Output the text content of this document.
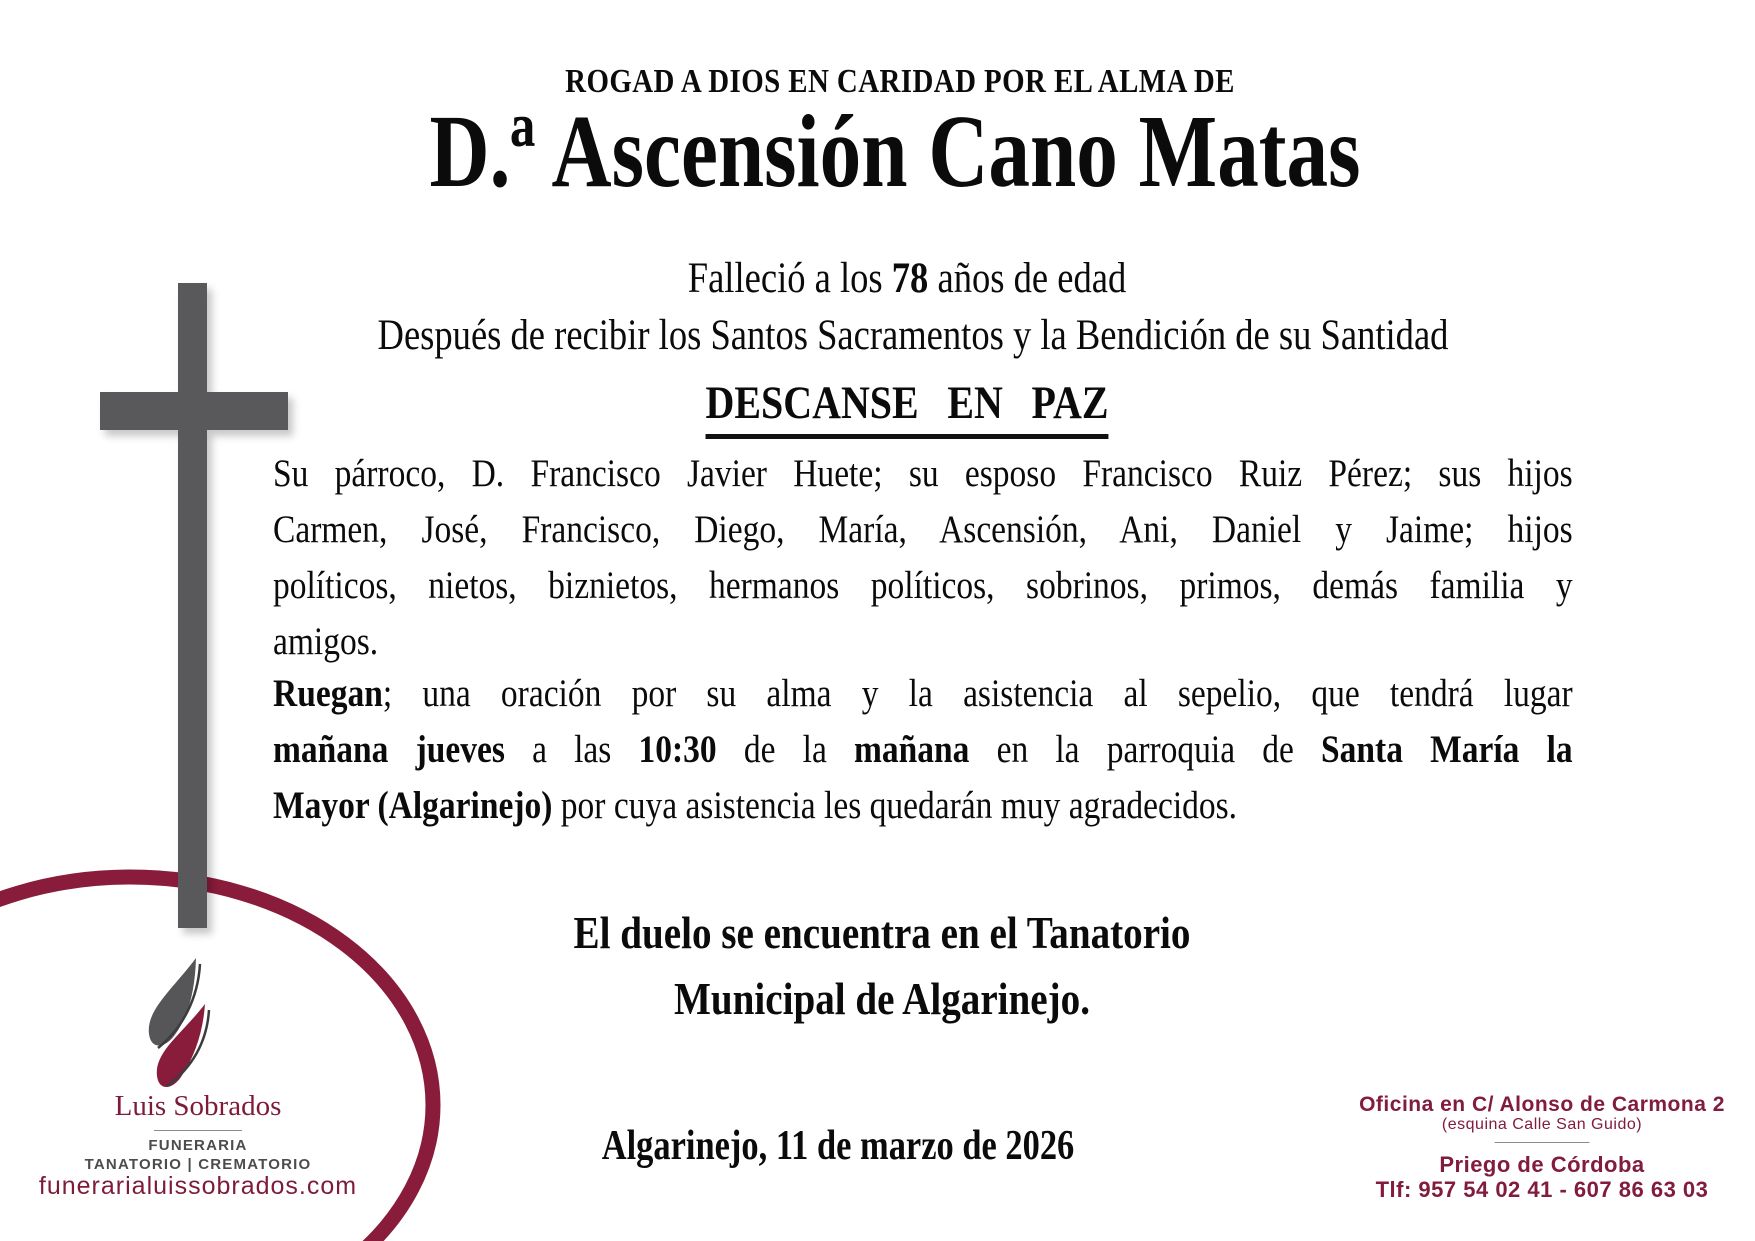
ROGAD A DIOS EN CARIDAD POR EL ALMA DE
D.ª Ascensión Cano Matas
Falleció a los 78 años de edad
Después de recibir los Santos Sacramentos y la Bendición de su Santidad
DESCANSE EN PAZ
Su párroco, D. Francisco Javier Huete; su esposo Francisco Ruiz Pérez; sus hijos
Carmen, José, Francisco, Diego, María, Ascensión, Ani, Daniel y Jaime; hijos
políticos, nietos, biznietos, hermanos políticos, sobrinos, primos, demás familia y
amigos.
Ruegan; una oración por su alma y la asistencia al sepelio, que tendrá lugar
mañana jueves a las 10:30 de la mañana en la parroquia de Santa María la
Mayor (Algarinejo) por cuya asistencia les quedarán muy agradecidos.
El duelo se encuentra en el Tanatorio
Municipal de Algarinejo.
Algarinejo, 11 de marzo de 2026
Luis Sobrados
FUNERARIA
TANATORIO | CREMATORIO
funerarialuissobrados.com
Oficina en C/ Alonso de Carmona 2
(esquina Calle San Guido)
Priego de Córdoba
Tlf: 957 54 02 41 - 607 86 63 03
